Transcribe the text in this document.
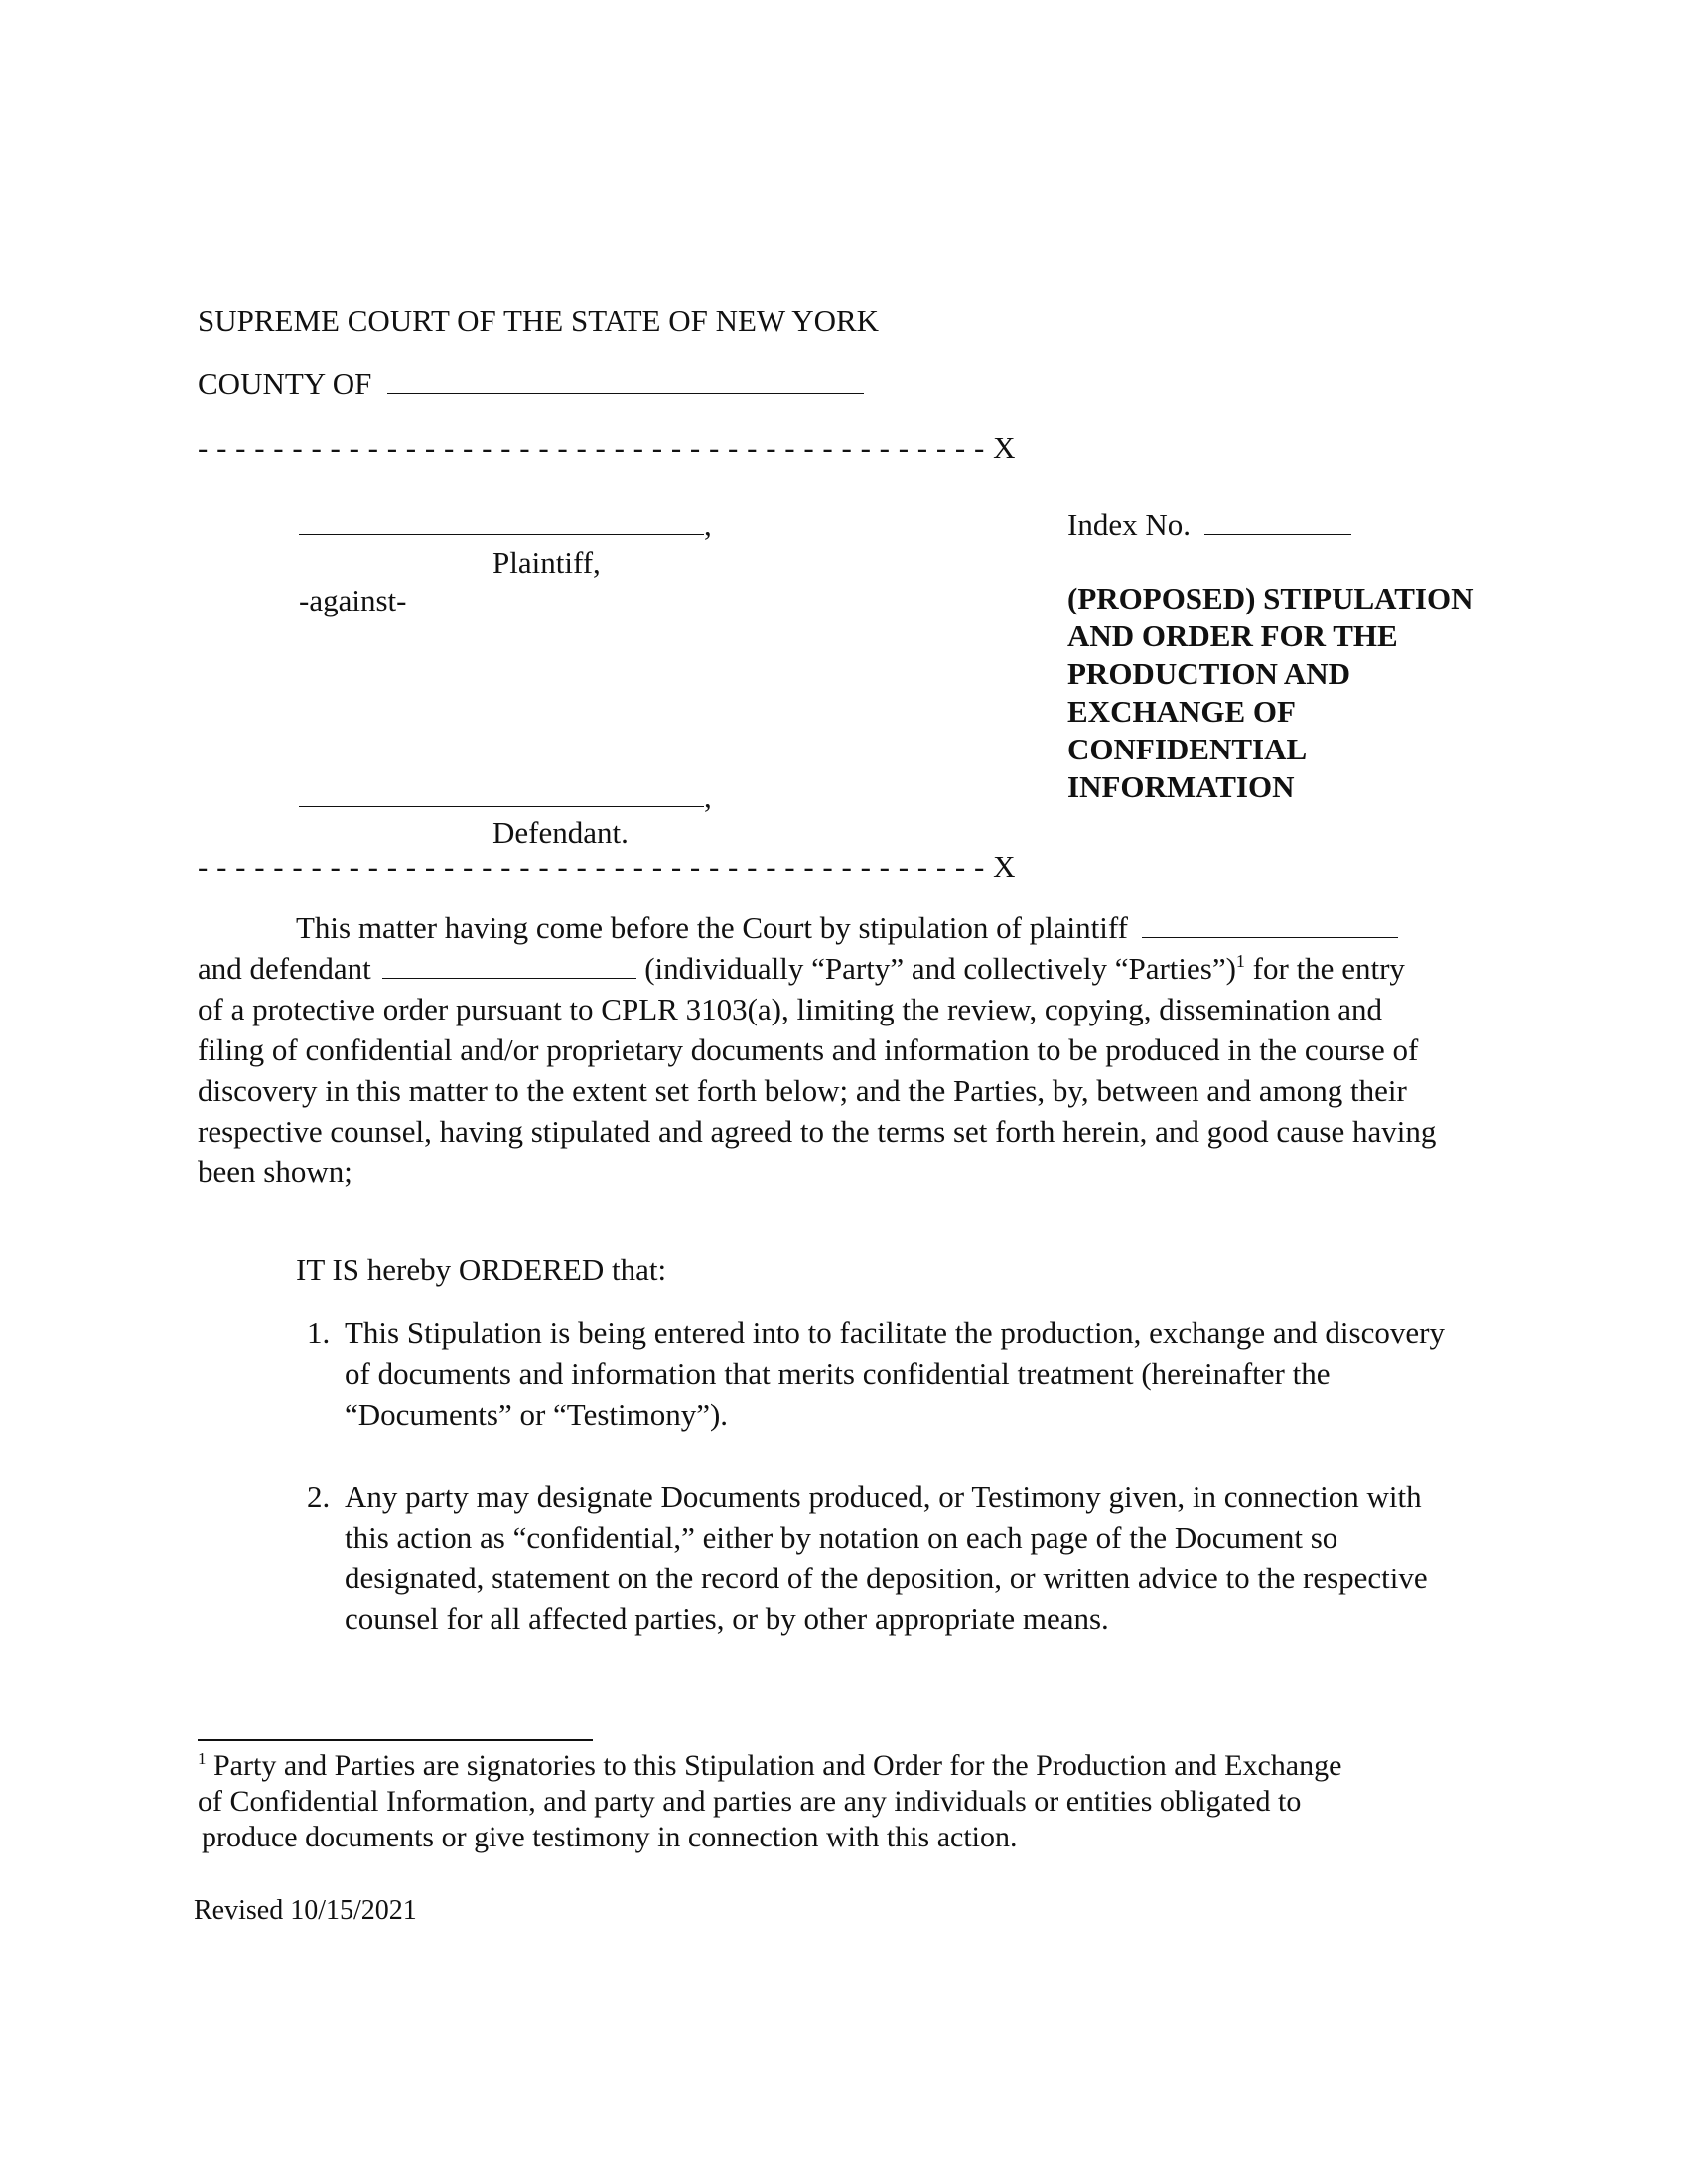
SUPREME COURT OF THE STATE OF NEW YORK
COUNTY OF
- - - - - - - - - - - - - - - - - - - - - - - - - - - - - - - - - - - - - - - - - - X
,
Plaintiff,
-against-
,
Defendant.
- - - - - - - - - - - - - - - - - - - - - - - - - - - - - - - - - - - - - - - - - - X
Index No.
(PROPOSED) STIPULATION
AND ORDER FOR THE
PRODUCTION AND
EXCHANGE OF
CONFIDENTIAL
INFORMATION
This matter having come before the Court by stipulation of plaintiff
and defendant	(individually “Party” and collectively “Parties”)$^1$ for the entry
of a protective order pursuant to CPLR 3103(a), limiting the review, copying, dissemination and
filing of confidential and/or proprietary documents and information to be produced in the course of
discovery in this matter to the extent set forth below; and the Parties, by, between and among their
respective counsel, having stipulated and agreed to the terms set forth herein, and good cause having
been shown;
IT IS hereby ORDERED that:
1. This Stipulation is being entered into to facilitate the production, exchange and discovery
of documents and information that merits confidential treatment (hereinafter the
“Documents” or “Testimony”).
2. Any party may designate Documents produced, or Testimony given, in connection with
this action as “confidential,” either by notation on each page of the Document so
designated, statement on the record of the deposition, or written advice to the respective
counsel for all affected parties, or by other appropriate means.
$^1$ Party and Parties are signatories to this Stipulation and Order for the Production and Exchange
of Confidential Information, and party and parties are any individuals or entities obligated to
produce documents or give testimony in connection with this action.
Revised 10/15/2021
